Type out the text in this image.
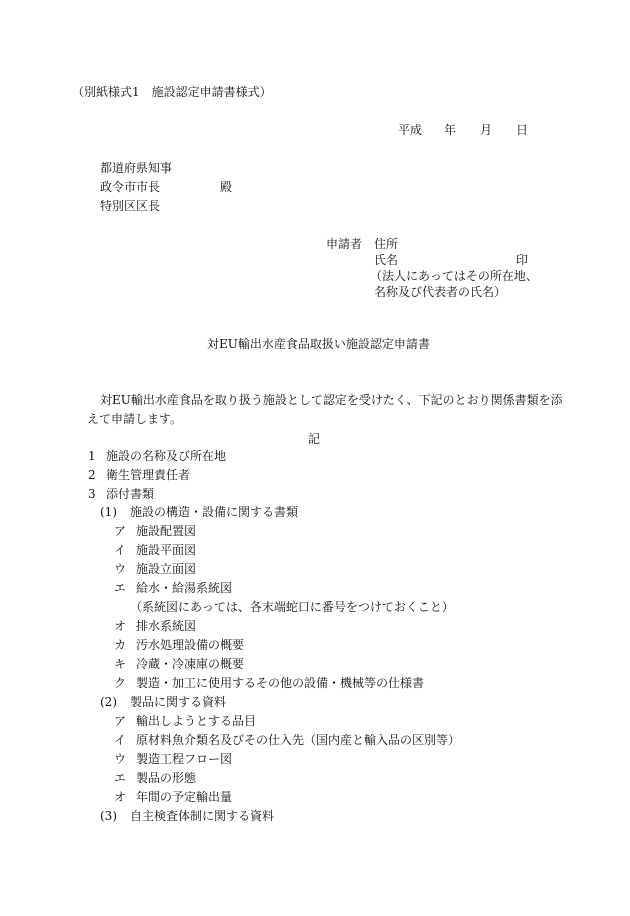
（別紙様式1　施設認定申請書様式）
平成 年 月 日
都道府県知事
政令市市長	殿
特別区区長
申請者 住所
氏名	印
（法人にあってはその所在地、
名称及び代表者の氏名）
対EU輸出水産食品取扱い施設認定申請書
対EU輸出水産食品を取り扱う施設として認定を受けたく、下記のとおり関係書類を添
えて申請します。
記
1 施設の名称及び所在地
2 衛生管理責任者
3 添付書類
(1) 施設の構造・設備に関する書類
ア 施設配置図
イ 施設平面図
ウ 施設立面図
エ 給水・給湯系統図
（系統図にあっては、各末端蛇口に番号をつけておくこと）
オ 排水系統図
カ 汚水処理設備の概要
キ 冷蔵・冷凍庫の概要
ク 製造・加工に使用するその他の設備・機械等の仕様書
(2) 製品に関する資料
ア 輸出しようとする品目
イ 原材料魚介類名及びその仕入先（国内産と輸入品の区別等）
ウ 製造工程フロー図
エ 製品の形態
オ 年間の予定輸出量
(3) 自主検査体制に関する資料
